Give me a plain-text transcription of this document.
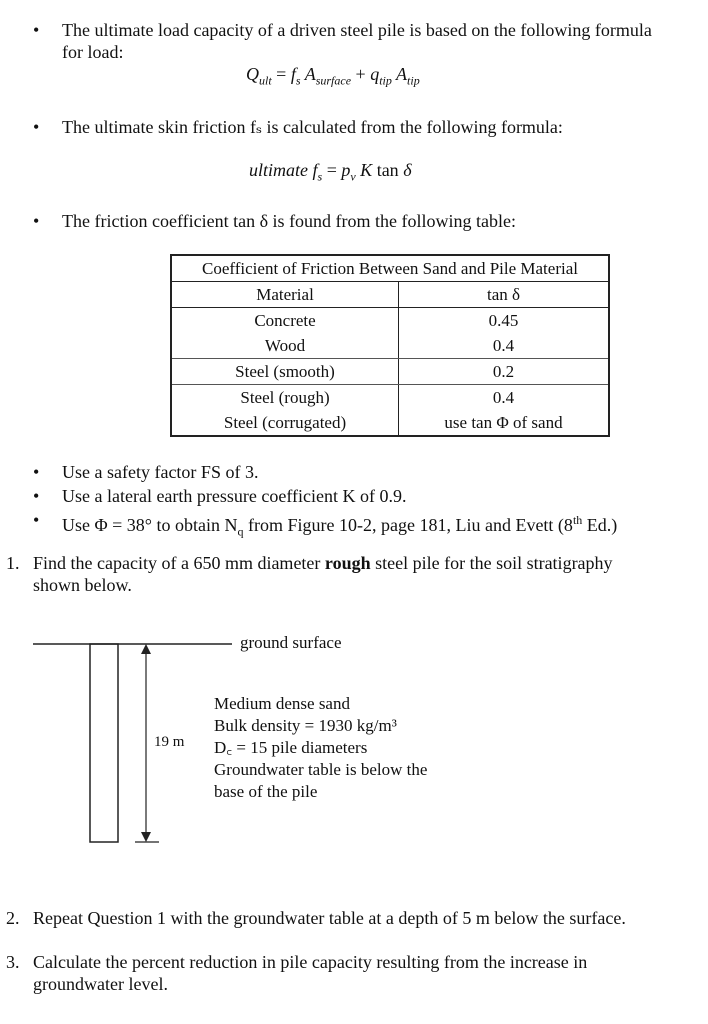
• The ultimate load capacity of a driven steel pile is based on the following formula
for load:
$Q_{ult} = f_s$ $A_{surface} + q_{tip}$ $A_{tip}$
• The ultimate skin friction fₛ is calculated from the following formula:
ultimate $f_s = p_v$ K tan δ
• The friction coefficient tan δ is found from the following table:
Coefficient of Friction Between Sand and Pile Material	
Material	tan δ
Concrete	0.45
Wood	0.4
Steel (smooth)	0.2
Steel (rough)	0.4
Steel (corrugated)	use tan Φ of sand
• Use a safety factor FS of 3.
• Use a lateral earth pressure coefficient K of 0.9.
• Use Φ = 38° to obtain $N_q$ from Figure 10-2, page 181, Liu and Evett (8th Ed.)
1. Find the capacity of a 650 mm diameter rough steel pile for the soil stratigraphy
shown below.
ground surface
19 m
Medium dense sand
Bulk density = 1930 kg/m³
D꜀ = 15 pile diameters
Groundwater table is below the
base of the pile
2. Repeat Question 1 with the groundwater table at a depth of 5 m below the surface.
3. Calculate the percent reduction in pile capacity resulting from the increase in
groundwater level.
